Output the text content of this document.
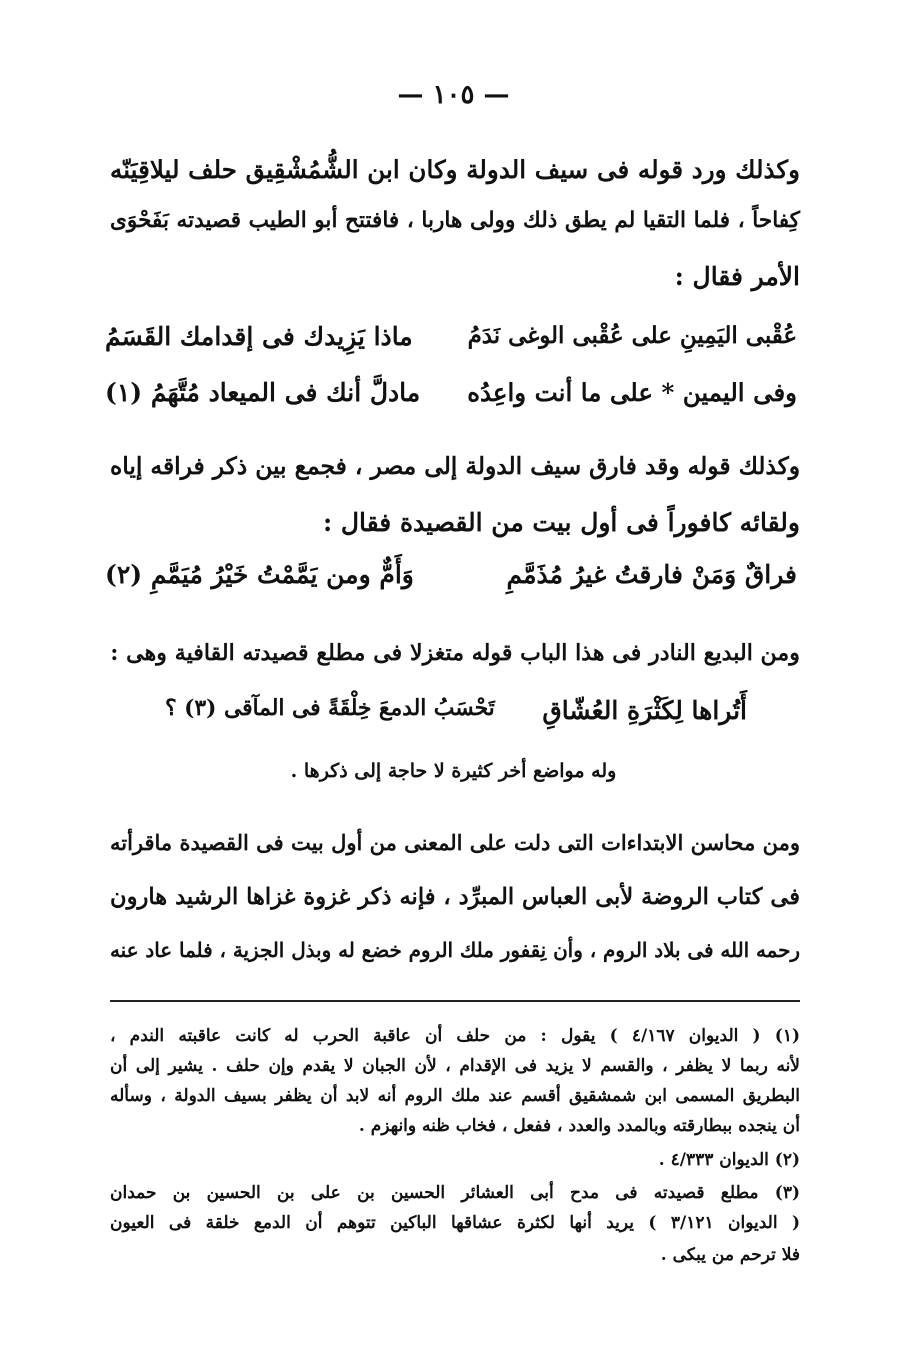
— ١٠٥ —
وكذلك ورد قوله فى سيف الدولة وكان ابن الشُّمُشْقِيق حلف ليلاقِيَنّه
كِفاحاً ، فلما التقيا لم يطق ذلك وولى هاربا ، فافتتح أبو الطيب قصيدته بَفَحْوَى
الأمر فقال :
عُقْبى اليَمِينِ على عُقْبى الوغى نَدَمُ
ماذا يَزِيدك فى إقدامك القَسَمُ
وفى اليمين * على ما أنت واعِدُه
مادلَّ أنك فى الميعاد مُتَّهَمُ (١)
وكذلك قوله وقد فارق سيف الدولة إلى مصر ، فجمع بين ذكر فراقه إياه
ولقائه كافوراً فى أول بيت من القصيدة فقال :
فراقٌ وَمَنْ فارقتُ غيرُ مُذَمَّمِ
وَأَمٌّ ومن يَمَّمْتُ خَيْرُ مُيَمَّمِ (٢)
ومن البديع النادر فى هذا الباب قوله متغزلا فى مطلع قصيدته القافية وهى :
أَتُراها لِكَثْرَةِ العُشّاقِ
تَحْسَبُ الدمعَ خِلْقَةً فى المآقى (٣) ؟
وله مواضع أخر كثيرة لا حاجة إلى ذكرها .
ومن محاسن الابتداءات التى دلت على المعنى من أول بيت فى القصيدة ماقرأته
فى كتاب الروضة لأبى العباس المبرِّد ، فإنه ذكر غزوة غزاها الرشيد هارون
رحمه الله فى بلاد الروم ، وأن نِقفور ملك الروم خضع له وبذل الجزية ، فلما عاد عنه
(١) ( الديوان ٤/١٦٧ ) يقول : من حلف أن عاقبة الحرب له كانت عاقبته الندم ،
لأنه ربما لا يظفر ، والقسم لا يزيد فى الإقدام ، لأن الجبان لا يقدم وإن حلف . يشير إلى أن
البطريق المسمى ابن شمشقيق أقسم عند ملك الروم أنه لابد أن يظفر بسيف الدولة ، وسأله
أن ينجده ببطارقته وبالمدد والعدد ، ففعل ، فخاب ظنه وانهزم .
(٢) الديوان ٤/٣٣٣ .
(٣) مطلع قصيدته فى مدح أبى العشائر الحسين بن على بن الحسين بن حمدان
( الديوان ٣/١٢١ ) يريد أنها لكثرة عشاقها الباكين تتوهم أن الدمع خلقة فى العيون
فلا ترحم من يبكى .
